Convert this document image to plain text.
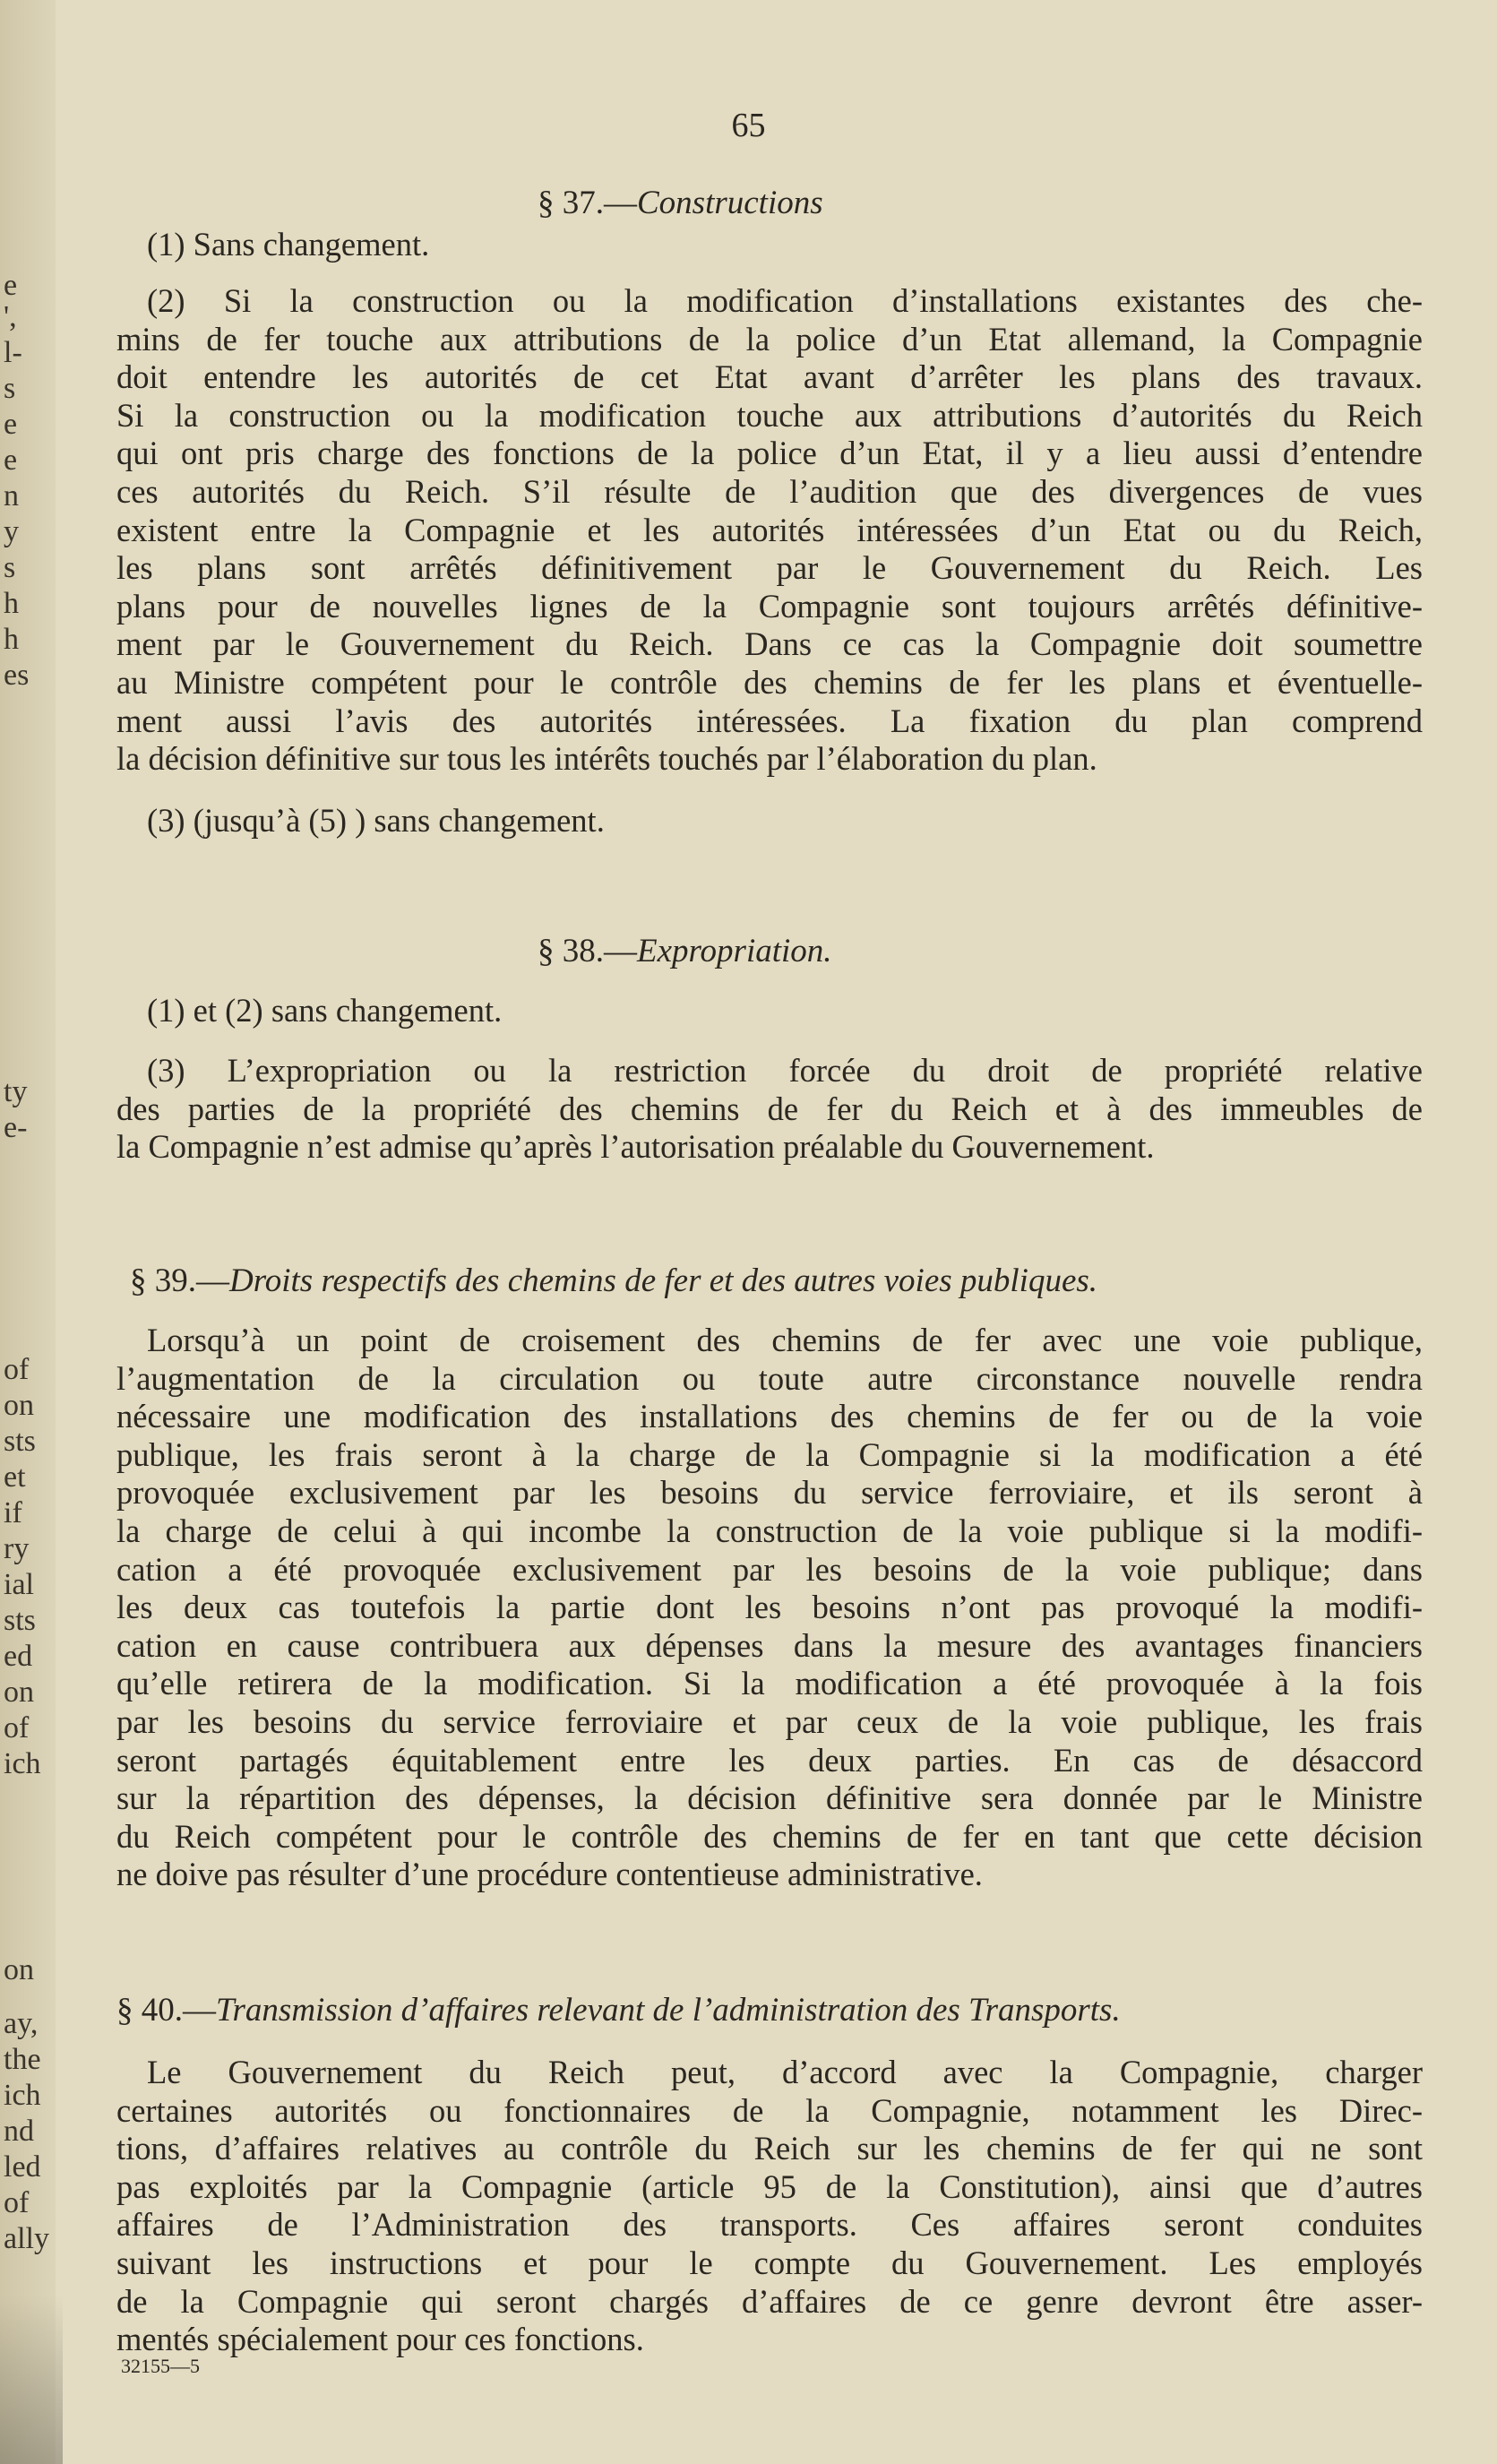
e
',
l-
s
e
e
n
y
s
h
h
es
ty
e-
of
on
sts
et
if
ry
ial
sts
ed
on
of
ich
on
ay,
the
ich
nd
led
of
ally
65
§ 37.—Constructions
(1) Sans changement.
(2) Si la construction ou la modification d’installations existantes des che-
mins de fer touche aux attributions de la police d’un Etat allemand, la Compagnie
doit entendre les autorités de cet Etat avant d’arrêter les plans des travaux.
Si la construction ou la modification touche aux attributions d’autorités du Reich
qui ont pris charge des fonctions de la police d’un Etat, il y a lieu aussi d’entendre
ces autorités du Reich. S’il résulte de l’audition que des divergences de vues
existent entre la Compagnie et les autorités intéressées d’un Etat ou du Reich,
les plans sont arrêtés définitivement par le Gouvernement du Reich. Les
plans pour de nouvelles lignes de la Compagnie sont toujours arrêtés définitive-
ment par le Gouvernement du Reich. Dans ce cas la Compagnie doit soumettre
au Ministre compétent pour le contrôle des chemins de fer les plans et éventuelle-
ment aussi l’avis des autorités intéressées. La fixation du plan comprend
la décision définitive sur tous les intérêts touchés par l’élaboration du plan.
(3) (jusqu’à (5) ) sans changement.
§ 38.—Expropriation.
(1) et (2) sans changement.
(3) L’expropriation ou la restriction forcée du droit de propriété relative
des parties de la propriété des chemins de fer du Reich et à des immeubles de
la Compagnie n’est admise qu’après l’autorisation préalable du Gouvernement.
§ 39.—Droits respectifs des chemins de fer et des autres voies publiques.
Lorsqu’à un point de croisement des chemins de fer avec une voie publique,
l’augmentation de la circulation ou toute autre circonstance nouvelle rendra
nécessaire une modification des installations des chemins de fer ou de la voie
publique, les frais seront à la charge de la Compagnie si la modification a été
provoquée exclusivement par les besoins du service ferroviaire, et ils seront à
la charge de celui à qui incombe la construction de la voie publique si la modifi-
cation a été provoquée exclusivement par les besoins de la voie publique; dans
les deux cas toutefois la partie dont les besoins n’ont pas provoqué la modifi-
cation en cause contribuera aux dépenses dans la mesure des avantages financiers
qu’elle retirera de la modification. Si la modification a été provoquée à la fois
par les besoins du service ferroviaire et par ceux de la voie publique, les frais
seront partagés équitablement entre les deux parties. En cas de désaccord
sur la répartition des dépenses, la décision définitive sera donnée par le Ministre
du Reich compétent pour le contrôle des chemins de fer en tant que cette décision
ne doive pas résulter d’une procédure contentieuse administrative.
§ 40.—Transmission d’affaires relevant de l’administration des Transports.
Le Gouvernement du Reich peut, d’accord avec la Compagnie, charger
certaines autorités ou fonctionnaires de la Compagnie, notamment les Direc-
tions, d’affaires relatives au contrôle du Reich sur les chemins de fer qui ne sont
pas exploités par la Compagnie (article 95 de la Constitution), ainsi que d’autres
affaires de l’Administration des transports. Ces affaires seront conduites
suivant les instructions et pour le compte du Gouvernement. Les employés
de la Compagnie qui seront chargés d’affaires de ce genre devront être asser-
mentés spécialement pour ces fonctions.
32155—5
